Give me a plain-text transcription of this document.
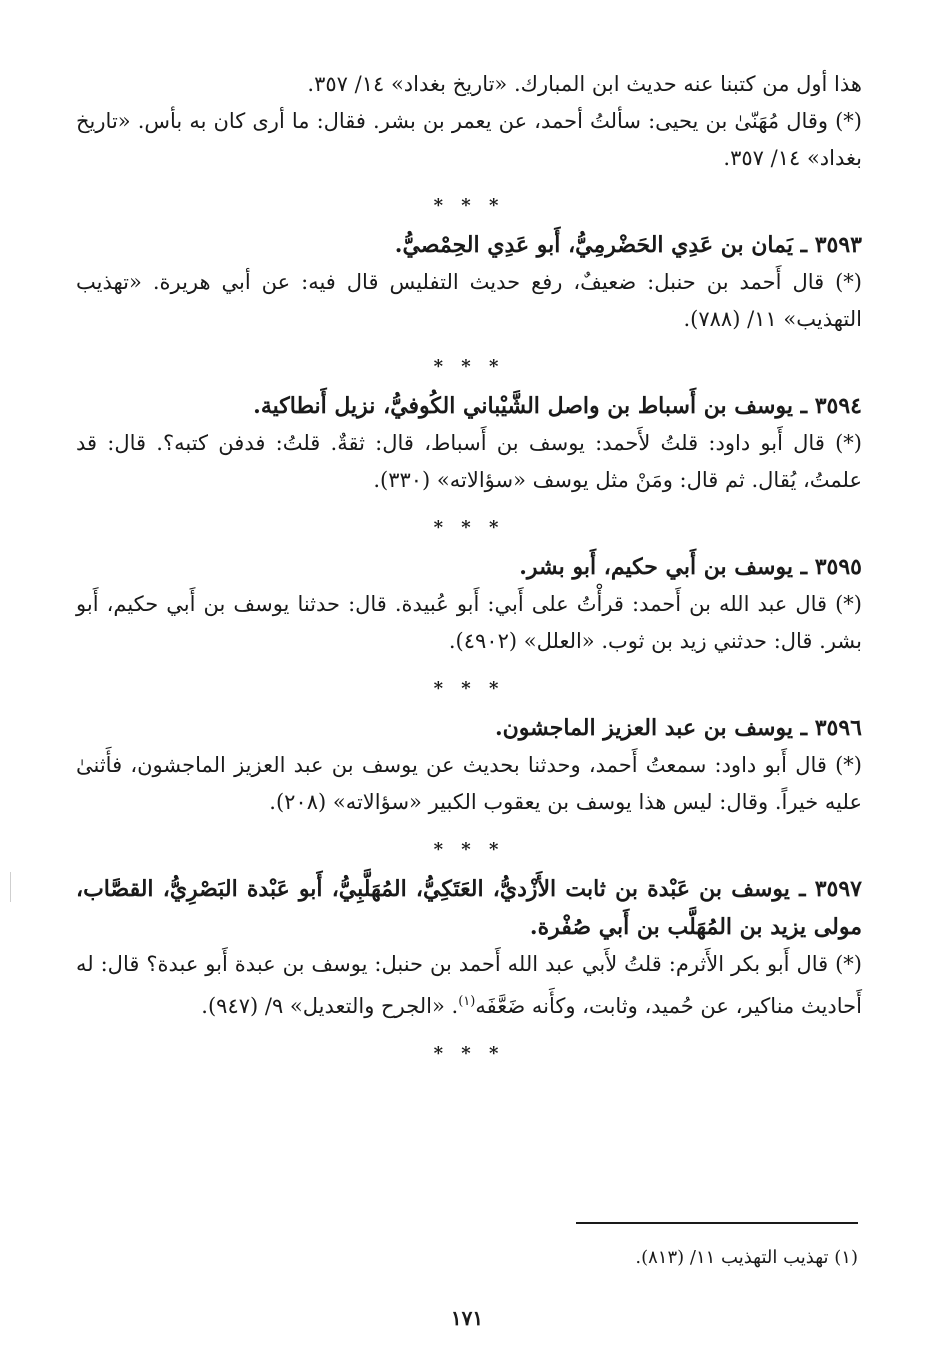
هذا أول من كتبنا عنه حديث ابن المبارك. «تاريخ بغداد» ١٤/ ٣٥٧.

(*) وقال مُهَنّىٰ بن يحيى: سألتُ أحمد، عن يعمر بن بشر. فقال: ما أرى كان به بأس. «تاريخ بغداد» ١٤/ ٣٥٧.

* * *

٣٥٩٣ ـ يَمان بن عَدِي الحَضْرمِيُّ، أَبو عَدِي الحِمْصيُّ.

(*) قال أَحمد بن حنبل: ضعيفٌ، رفع حديث التفليس قال فيه: عن أبي هريرة. «تهذيب التهذيب» ١١/ (٧٨٨).

* * *

٣٥٩٤ ـ يوسف بن أَسباط بن واصل الشَّيْباني الكُوفيُّ، نزيل أَنطاكية.

(*) قال أَبو داود: قلتُ لأَحمد: يوسف بن أَسباط، قال: ثقةٌ. قلتُ: فدفن كتبه؟. قال: قد علمتُ، يُقال. ثم قال: ومَنْ مثل يوسف «سؤالاته» (٣٣٠).

* * *

٣٥٩٥ ـ يوسف بن أَبي حكيم، أَبو بشر.

(*) قال عبد الله بن أَحمد: قرأْتُ على أَبي: أَبو عُبيدة. قال: حدثنا يوسف بن أَبي حكيم، أَبو بشر. قال: حدثني زيد بن ثوب. «العلل» (٤٩٠٢).

* * *

٣٥٩٦ ـ يوسف بن عبد العزيز الماجشون.

(*) قال أَبو داود: سمعتُ أَحمد، وحدثنا بحديث عن يوسف بن عبد العزيز الماجشون، فأَثنىٰ عليه خيراً. وقال: ليس هذا يوسف بن يعقوب الكبير «سؤالاته» (٢٠٨).

* * *

٣٥٩٧ ـ يوسف بن عَبْدة بن ثابت الأَزْديُّ، العَتَكِيُّ، المُهَلَّبِيُّ، أَبو عَبْدة البَصْرِيُّ، القصَّاب، مولى يزيد بن المُهَلَّب بن أَبي صُفْرة.

(*) قال أَبو بكر الأَثرم: قلتُ لأَبي عبد الله أَحمد بن حنبل: يوسف بن عبدة أَبو عبدة؟ قال: له أَحاديث مناكير، عن حُميد، وثابت، وكأَنه ضَعَّفَه$^{(١)}$. «الجرح والتعديل» ٩/ (٩٤٧).

* * *
(١) تهذيب التهذيب ١١/ (٨١٣).
١٧١
